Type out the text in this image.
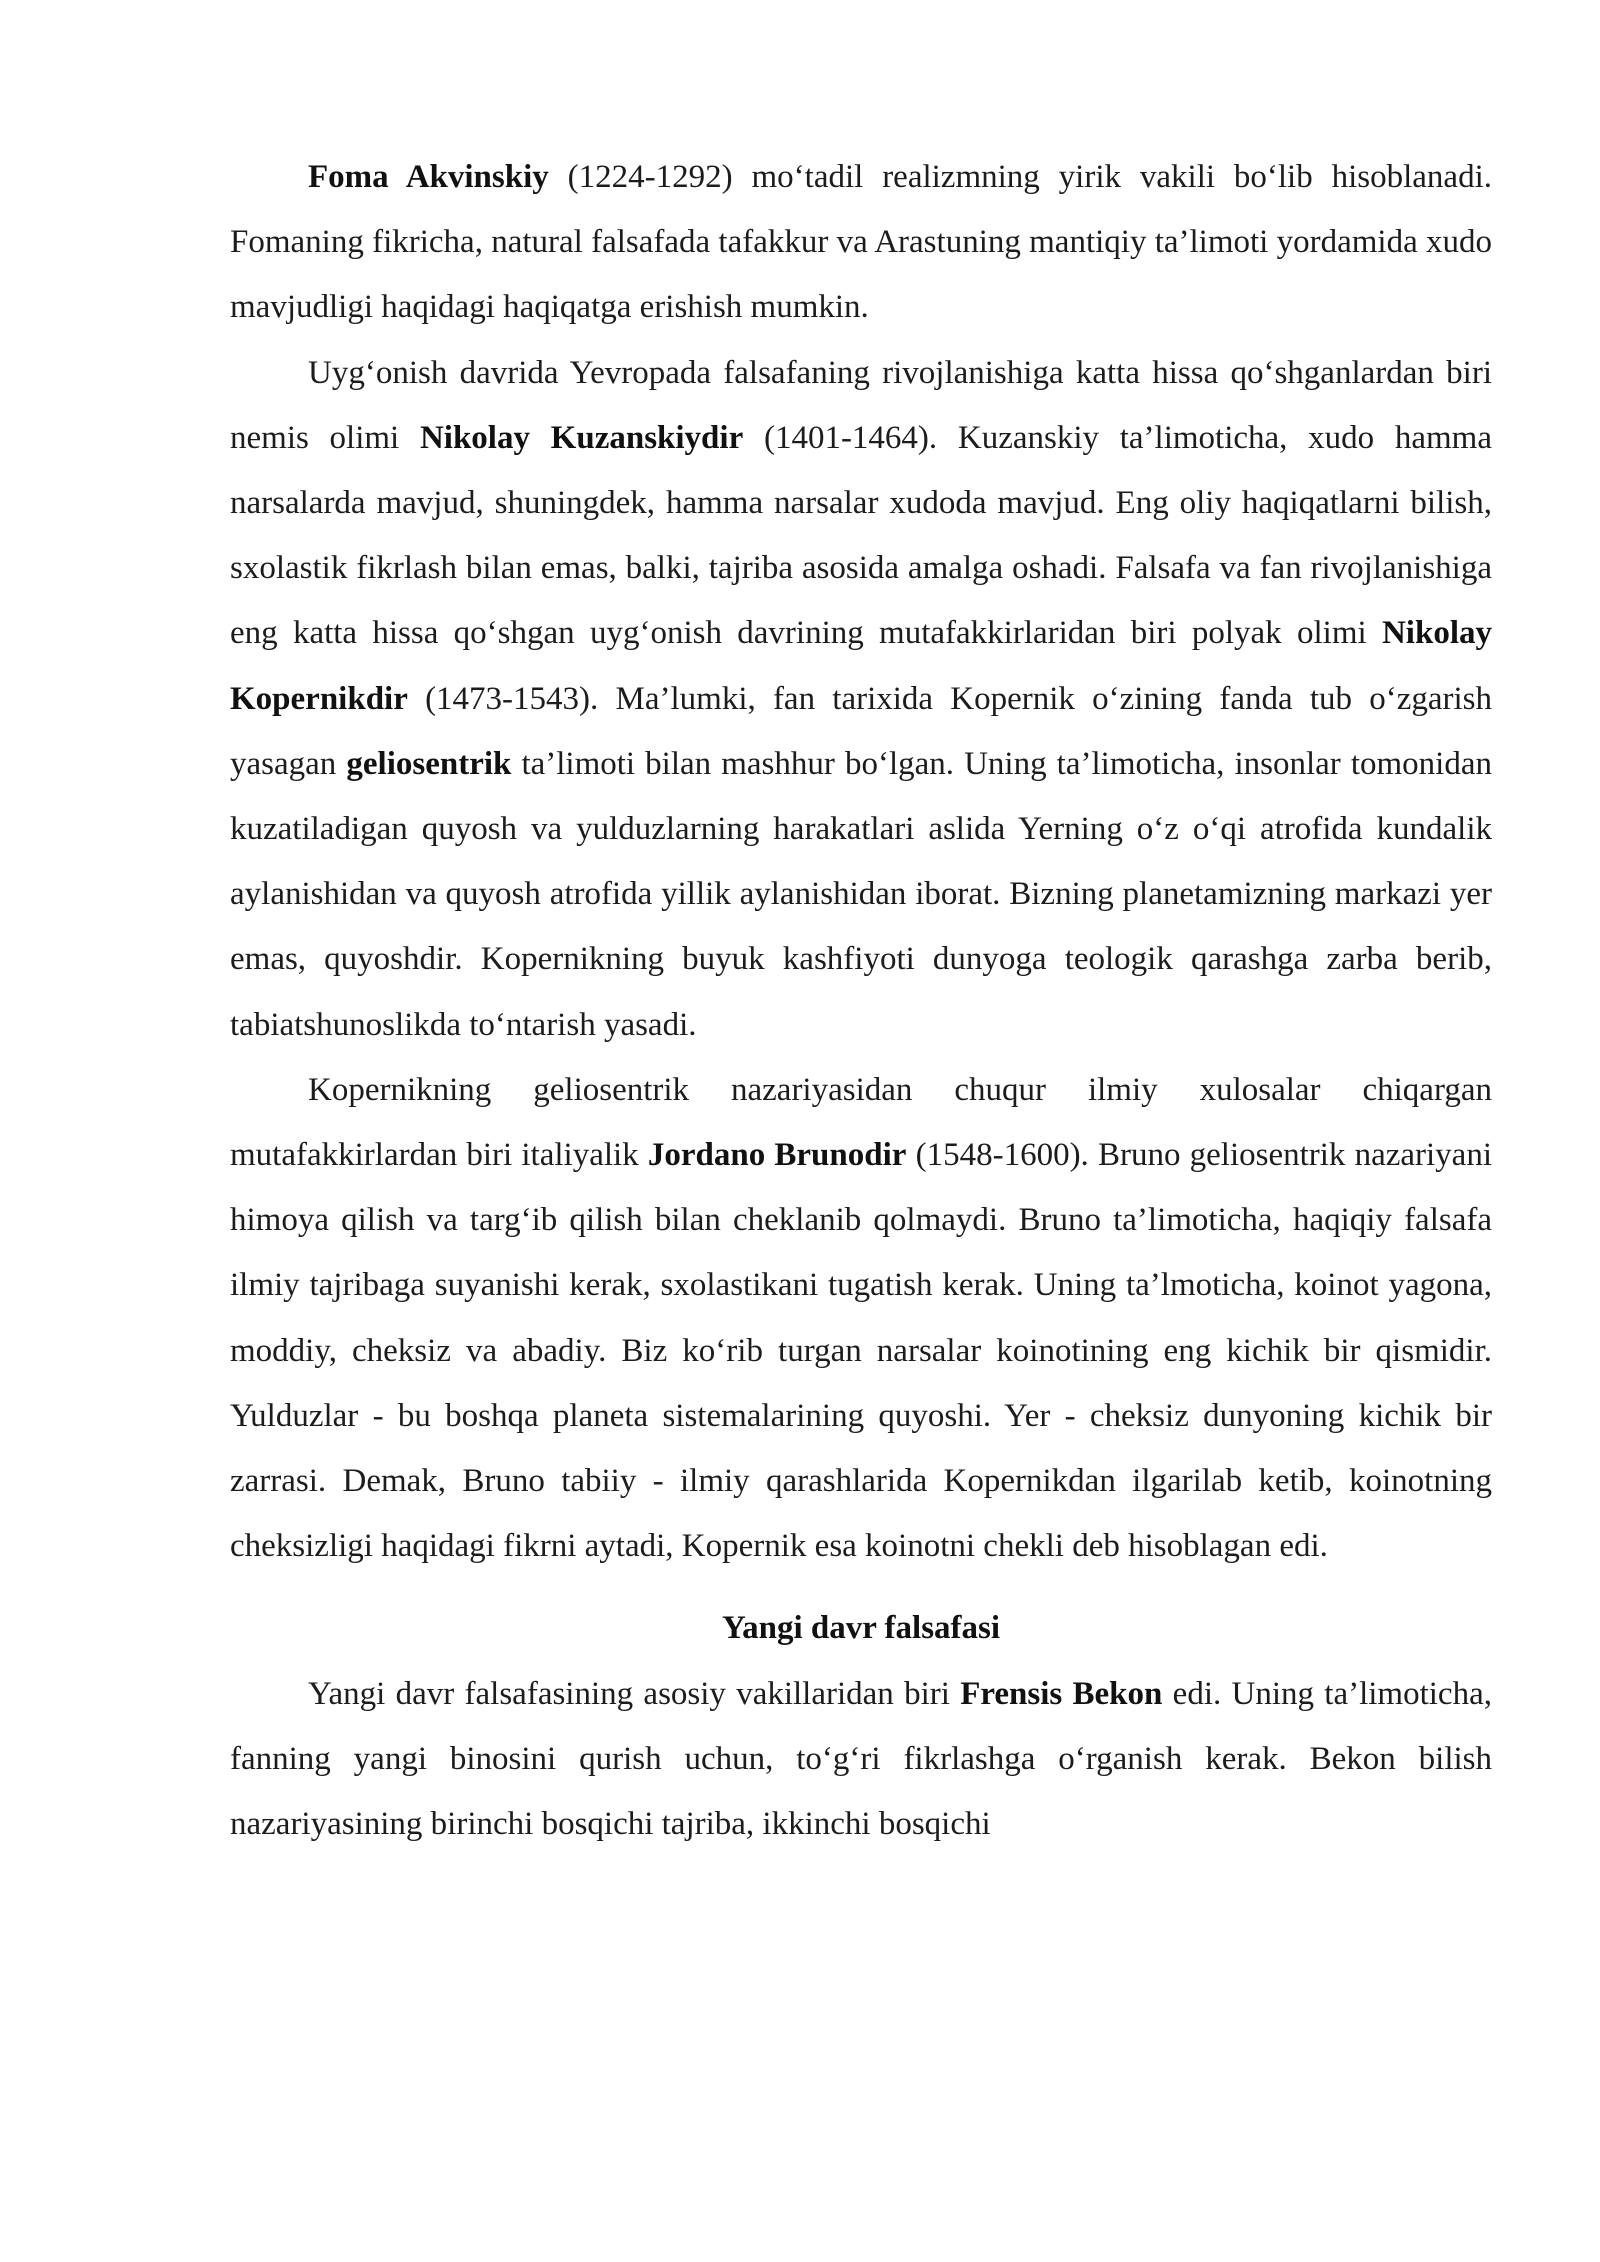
Foma Akvinskiy (1224-1292) mo‘tadil realizmning yirik vakili bo‘lib hisoblanadi. Fomaning fikricha, natural falsafada tafakkur va Arastuning mantiqiy ta’limoti yordamida xudo mavjudligi haqidagi haqiqatga erishish mumkin.

Uyg‘onish davrida Yevropada falsafaning rivojlanishiga katta hissa qo‘shganlardan biri nemis olimi Nikolay Kuzanskiydir (1401-1464). Kuzanskiy ta’limoticha, xudo hamma narsalarda mavjud, shuningdek, hamma narsalar xudoda mavjud. Eng oliy haqiqatlarni bilish, sxolastik fikrlash bilan emas, balki, tajriba asosida amalga oshadi. Falsafa va fan rivojlanishiga eng katta hissa qo‘shgan uyg‘onish davrining mutafakkirlaridan biri polyak olimi Nikolay Kopernikdir (1473-1543). Ma’lumki, fan tarixida Kopernik o‘zining fanda tub o‘zgarish yasagan geliosentrik ta’limoti bilan mashhur bo‘lgan. Uning ta’limoticha, insonlar tomonidan kuzatiladigan quyosh va yulduzlarning harakatlari aslida Yerning o‘z o‘qi atrofida kundalik aylanishidan va quyosh atrofida yillik aylanishidan iborat. Bizning planetamizning markazi yer emas, quyoshdir. Kopernikning buyuk kashfiyoti dunyoga teologik qarashga zarba berib, tabiatshunoslikda to‘ntarish yasadi.

Kopernikning geliosentrik nazariyasidan chuqur ilmiy xulosalar chiqargan mutafakkirlardan biri italiyalik Jordano Brunodir (1548-1600). Bruno geliosentrik nazariyani himoya qilish va targ‘ib qilish bilan cheklanib qolmaydi. Bruno ta’limoticha, haqiqiy falsafa ilmiy tajribaga suyanishi kerak, sxolastikani tugatish kerak. Uning ta’lmoticha, koinot yagona, moddiy, cheksiz va abadiy. Biz ko‘rib turgan narsalar koinotining eng kichik bir qismidir. Yulduzlar - bu boshqa planeta sistemalarining quyoshi. Yer - cheksiz dunyoning kichik bir zarrasi. Demak, Bruno tabiiy - ilmiy qarashlarida Kopernikdan ilgarilab ketib, koinotning cheksizligi haqidagi fikrni aytadi, Kopernik esa koinotni chekli deb hisoblagan edi.

Yangi davr falsafasi

Yangi davr falsafasining asosiy vakillaridan biri Frensis Bekon edi. Uning ta’limoticha, fanning yangi binosini qurish uchun, to‘g‘ri fikrlashga o‘rganish kerak. Bekon bilish nazariyasining birinchi bosqichi tajriba, ikkinchi bosqichi
